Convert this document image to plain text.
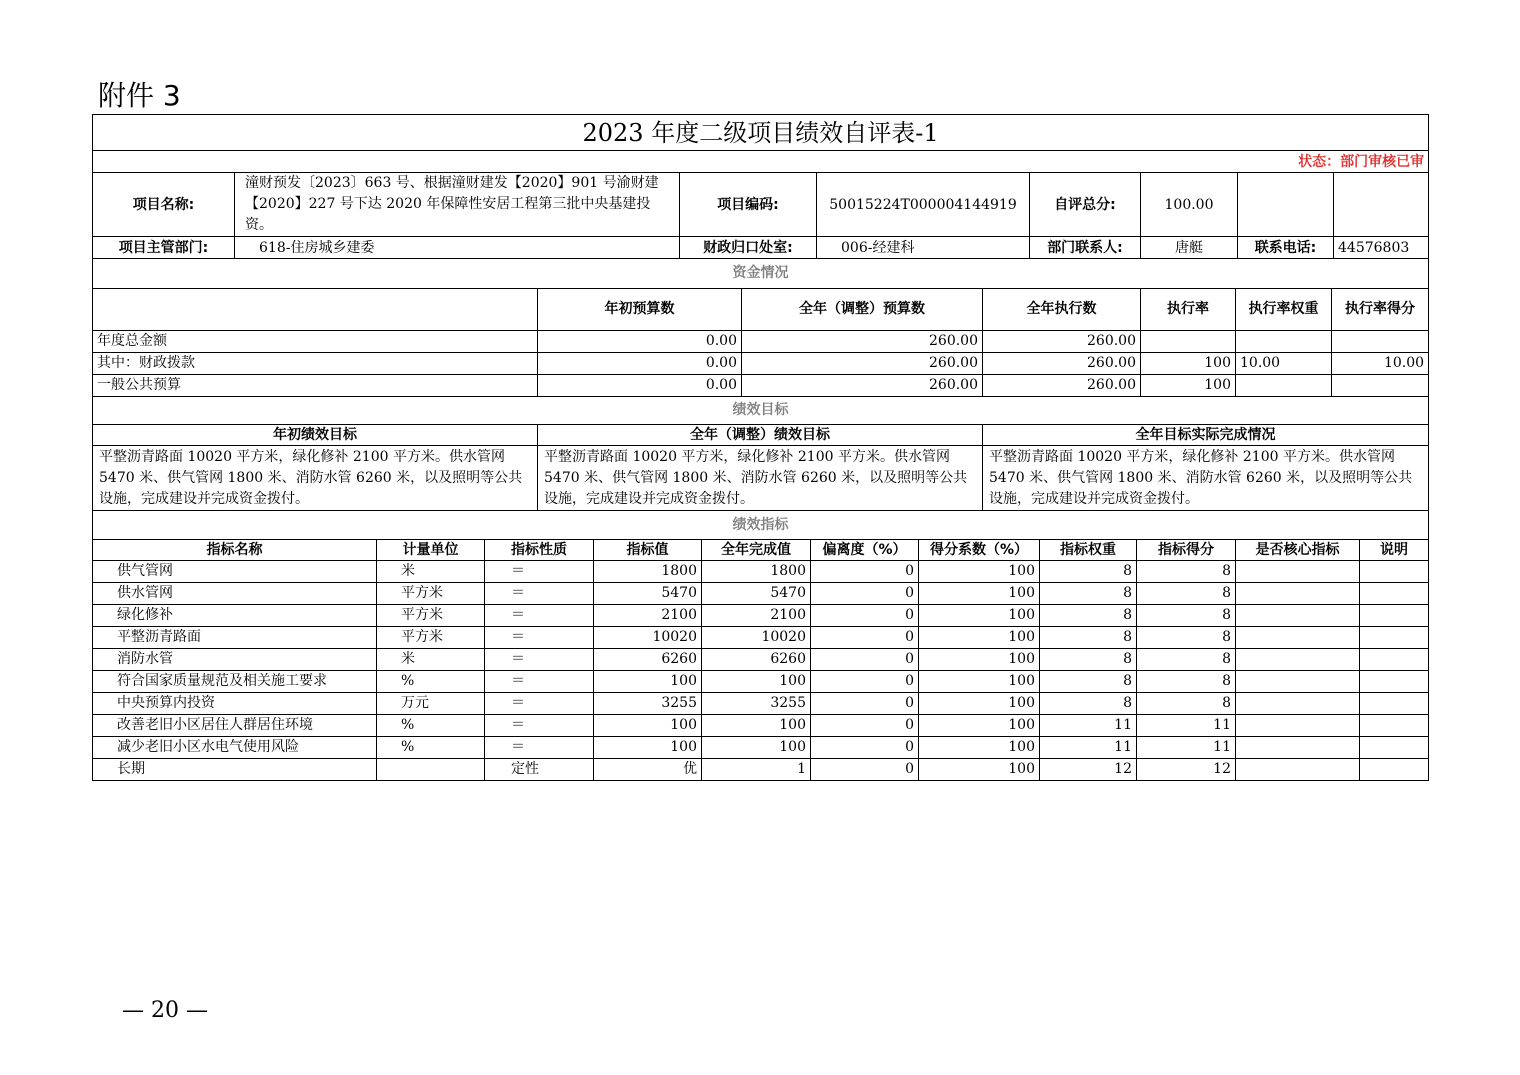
附件 3
2023 年度二级项目绩效自评表-1							
状态：部门审核已审							
项目名称:	潼财预发〔2023〕663 号、根据潼财建发【2020】901 号渝财建【2020】227 号下达 2020 年保障性安居工程第三批中央基建投资。	项目编码:	50015224T000004144919	自评总分:	100.00		
项目主管部门:	618-住房城乡建委	财政归口处室:	006-经建科	部门联系人:	唐艇	联系电话:	44576803
资金情况						
	年初预算数	全年（调整）预算数	全年执行数	执行率	执行率权重	执行率得分
年度总金额	0.00	260.00	260.00			
其中：财政拨款	0.00	260.00	260.00	100	10.00	10.00
一般公共预算	0.00	260.00	260.00	100		
绩效目标		
年初绩效目标	全年（调整）绩效目标	全年目标实际完成情况
平整沥青路面 10020 平方米，绿化修补 2100 平方米。供水管网 5470 米、供气管网 1800 米、消防水管 6260 米，以及照明等公共设施，完成建设并完成资金拨付。	平整沥青路面 10020 平方米，绿化修补 2100 平方米。供水管网 5470 米、供气管网 1800 米、消防水管 6260 米，以及照明等公共设施，完成建设并完成资金拨付。	平整沥青路面 10020 平方米，绿化修补 2100 平方米。供水管网 5470 米、供气管网 1800 米、消防水管 6260 米，以及照明等公共设施，完成建设并完成资金拨付。
绩效指标										
指标名称	计量单位	指标性质	指标值	全年完成值	偏离度（%）	得分系数（%）	指标权重	指标得分	是否核心指标	说明
供气管网	米	＝	1800	1800	0	100	8	8		
供水管网	平方米	＝	5470	5470	0	100	8	8		
绿化修补	平方米	＝	2100	2100	0	100	8	8		
平整沥青路面	平方米	＝	10020	10020	0	100	8	8		
消防水管	米	＝	6260	6260	0	100	8	8		
符合国家质量规范及相关施工要求	%	＝	100	100	0	100	8	8		
中央预算内投资	万元	＝	3255	3255	0	100	8	8		
改善老旧小区居住人群居住环境	%	＝	100	100	0	100	11	11		
减少老旧小区水电气使用风险	%	＝	100	100	0	100	11	11		
长期		定性	优	1	0	100	12	12		
— 20 —
